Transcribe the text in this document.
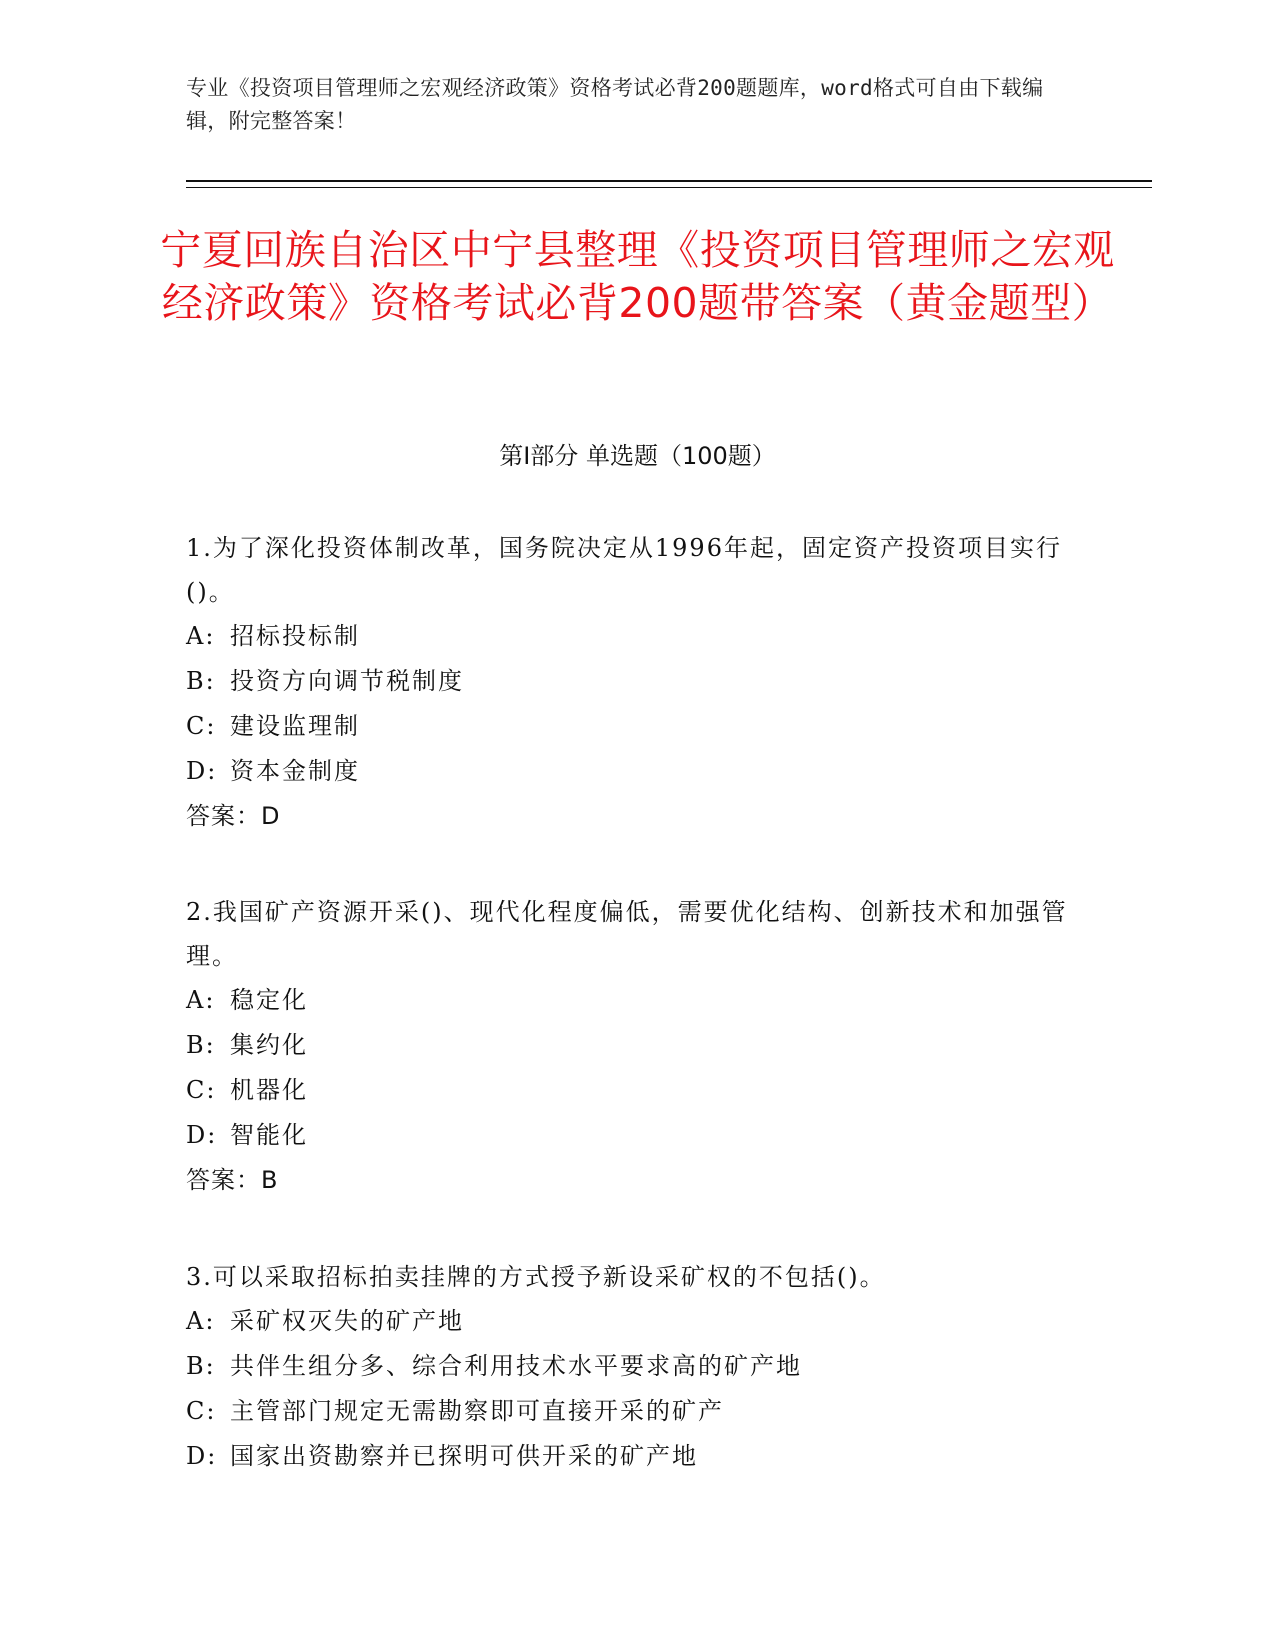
专业《投资项目管理师之宏观经济政策》资格考试必背200题题库，word格式可自由下载编辑，附完整答案！
宁夏回族自治区中宁县整理《投资项目管理师之宏观经济政策》资格考试必背200题带答案（黄金题型）
第I部分 单选题（100题）
1.为了深化投资体制改革，国务院决定从1996年起，固定资产投资项目实行()。
A: 招标投标制
B: 投资方向调节税制度
C: 建设监理制
D: 资本金制度
答案：D
2.我国矿产资源开采()、现代化程度偏低，需要优化结构、创新技术和加强管理。
A: 稳定化
B: 集约化
C: 机器化
D: 智能化
答案：B
3.可以采取招标拍卖挂牌的方式授予新设采矿权的不包括()。
A: 采矿权灭失的矿产地
B: 共伴生组分多、综合利用技术水平要求高的矿产地
C: 主管部门规定无需勘察即可直接开采的矿产
D: 国家出资勘察并已探明可供开采的矿产地
